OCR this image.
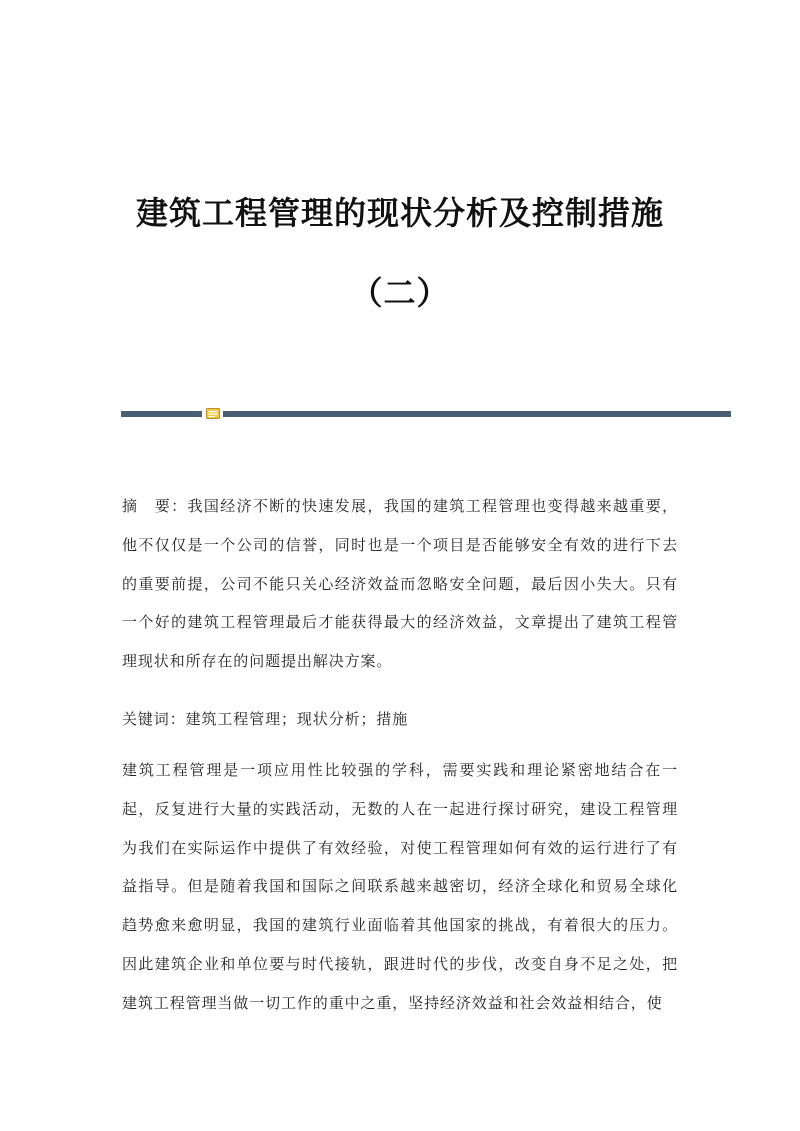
建筑工程管理的现状分析及控制措施
（二）

摘　要：我国经济不断的快速发展，我国的建筑工程管理也变得越来越重要，他不仅仅是一个公司的信誉，同时也是一个项目是否能够安全有效的进行下去的重要前提，公司不能只关心经济效益而忽略安全问题，最后因小失大。只有一个好的建筑工程管理最后才能获得最大的经济效益，文章提出了建筑工程管理现状和所存在的问题提出解决方案。

关键词：建筑工程管理；现状分析；措施

建筑工程管理是一项应用性比较强的学科，需要实践和理论紧密地结合在一起，反复进行大量的实践活动，无数的人在一起进行探讨研究，建设工程管理为我们在实际运作中提供了有效经验，对使工程管理如何有效的运行进行了有益指导。但是随着我国和国际之间联系越来越密切，经济全球化和贸易全球化趋势愈来愈明显，我国的建筑行业面临着其他国家的挑战，有着很大的压力。因此建筑企业和单位要与时代接轨，跟进时代的步伐，改变自身不足之处，把建筑工程管理当做一切工作的重中之重，坚持经济效益和社会效益相结合，使
